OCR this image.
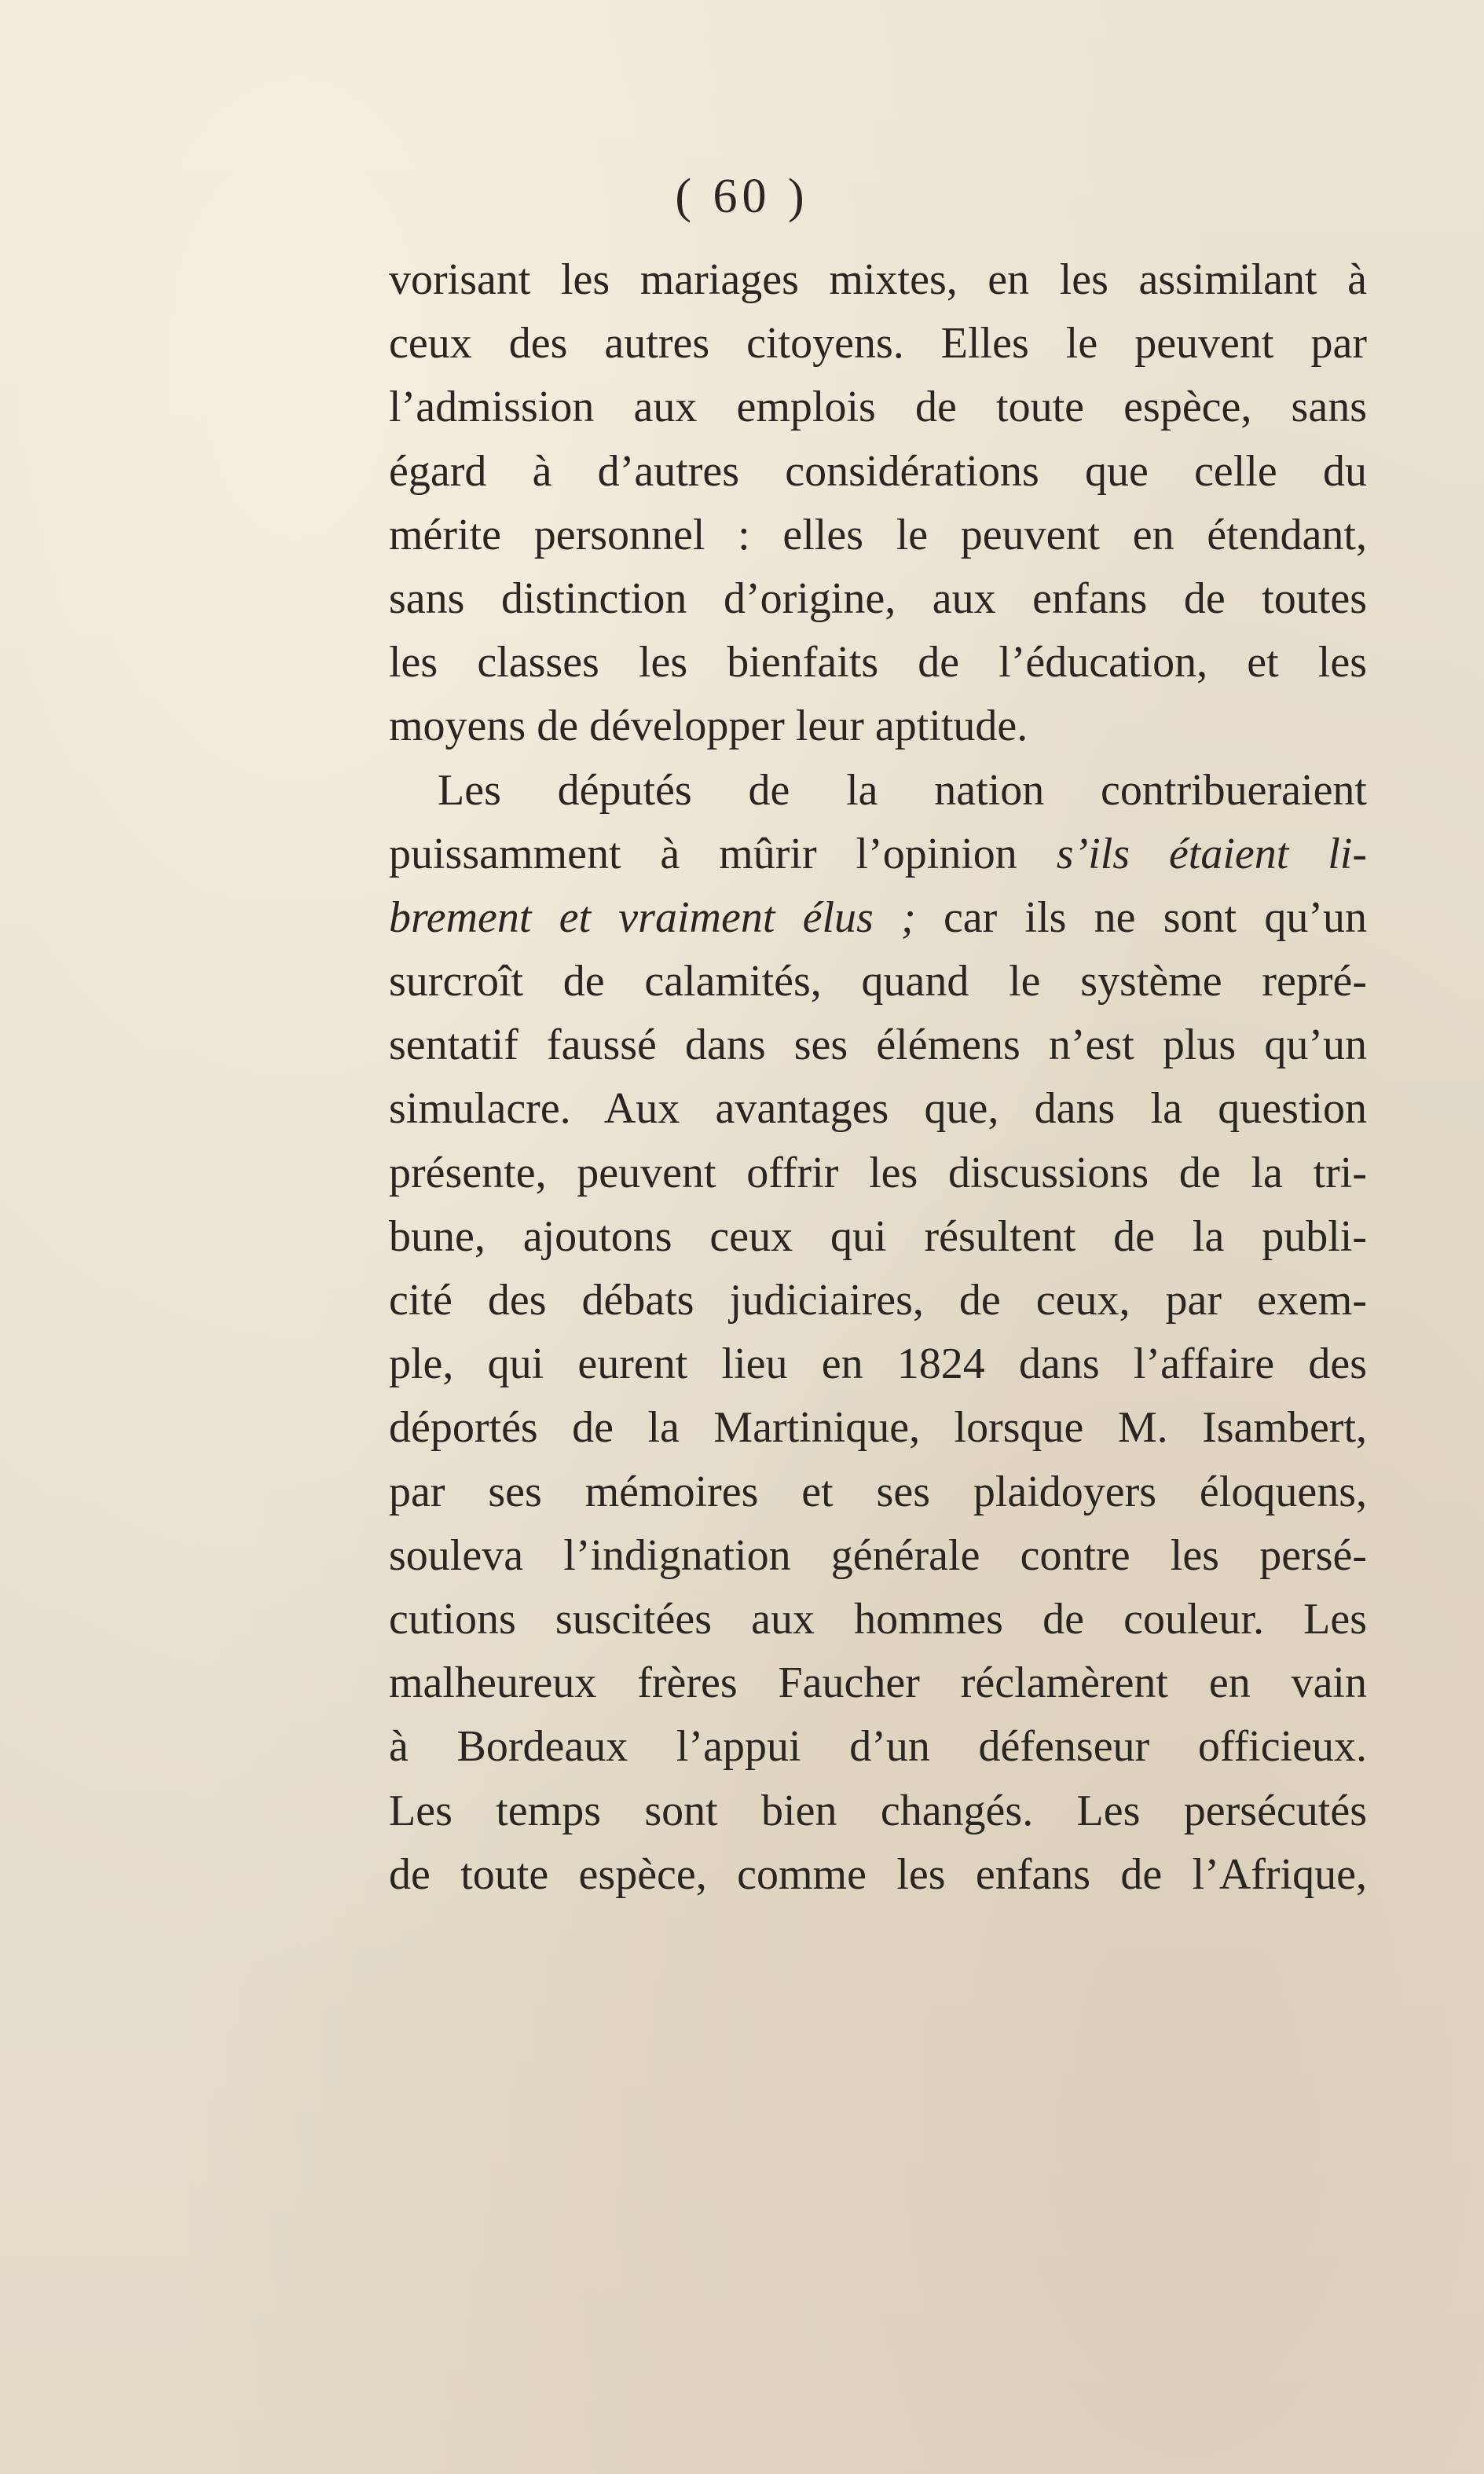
( 60 )
vorisant les mariages mixtes, en les assimilant à
ceux des autres citoyens. Elles le peuvent par
l’admission aux emplois de toute espèce, sans
égard à d’autres considérations que celle du
mérite personnel : elles le peuvent en étendant,
sans distinction d’origine, aux enfans de toutes
les classes les bienfaits de l’éducation, et les
moyens de développer leur aptitude.
Les députés de la nation contribueraient
puissamment à mûrir l’opinion s’ils étaient li-
brement et vraiment élus ; car ils ne sont qu’un
surcroît de calamités, quand le système repré-
sentatif faussé dans ses élémens n’est plus qu’un
simulacre. Aux avantages que, dans la question
présente, peuvent offrir les discussions de la tri-
bune, ajoutons ceux qui résultent de la publi-
cité des débats judiciaires, de ceux, par exem-
ple, qui eurent lieu en 1824 dans l’affaire des
déportés de la Martinique, lorsque M. Isambert,
par ses mémoires et ses plaidoyers éloquens,
souleva l’indignation générale contre les persé-
cutions suscitées aux hommes de couleur. Les
malheureux frères Faucher réclamèrent en vain
à Bordeaux l’appui d’un défenseur officieux.
Les temps sont bien changés. Les persécutés
de toute espèce, comme les enfans de l’Afrique,
